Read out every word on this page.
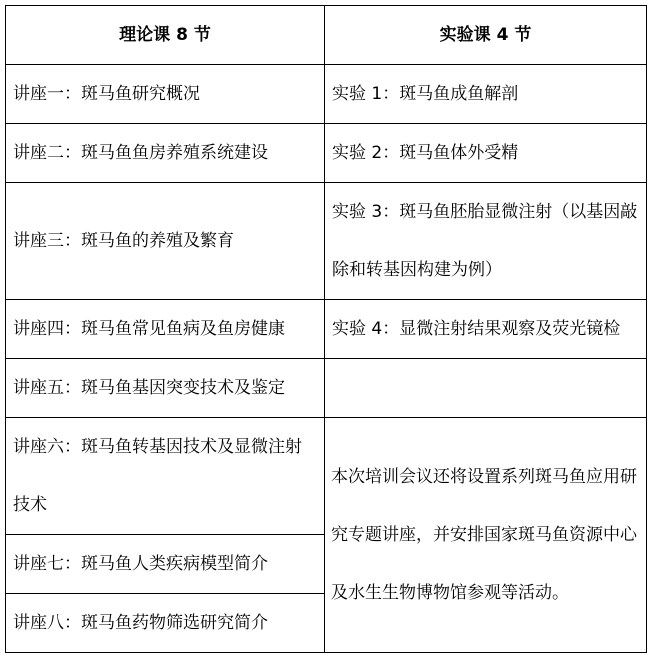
理论课 8 节	实验课 4 节
讲座一：斑马鱼研究概况	实验 1：斑马鱼成鱼解剖
讲座二：斑马鱼鱼房养殖系统建设	实验 2：斑马鱼体外受精
讲座三：斑马鱼的养殖及繁育	实验 3：斑马鱼胚胎显微注射（以基因敲除和转基因构建为例）
讲座四：斑马鱼常见鱼病及鱼房健康	实验 4：显微注射结果观察及荧光镜检
讲座五：斑马鱼基因突变技术及鉴定	
讲座六：斑马鱼转基因技术及显微注射技术	本次培训会议还将设置系列斑马鱼应用研究专题讲座，并安排国家斑马鱼资源中心及水生生物博物馆参观等活动。
讲座七：斑马鱼人类疾病模型简介	
讲座八：斑马鱼药物筛选研究简介	
